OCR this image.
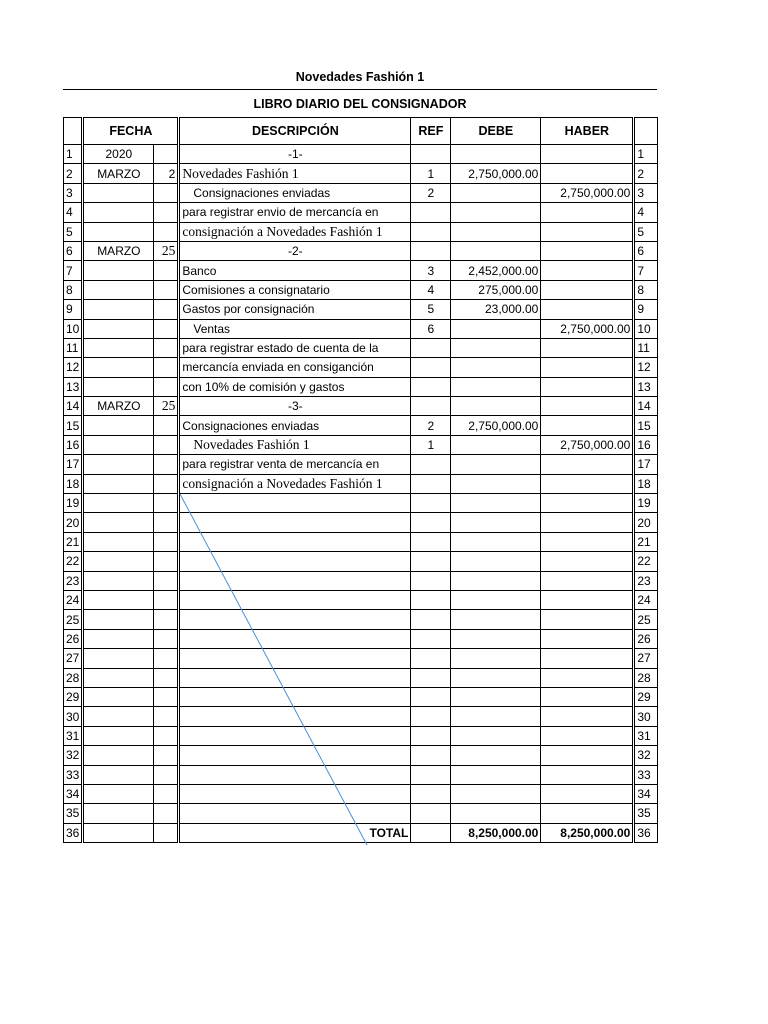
Novedades Fashión 1
LIBRO DIARIO DEL CONSIGNADOR
	FECHA		DESCRIPCIÓN	REF	DEBE	HABER	
1	2020		-1-				1
2	MARZO	2	Novedades Fashión 1	1	2,750,000.00		2
3			Consignaciones enviadas	2		2,750,000.00	3
4			para registrar envio de mercancía en				4
5			consignación a Novedades Fashión 1				5
6	MARZO	25	-2-				6
7			Banco	3	2,452,000.00		7
8			Comisiones a consignatario	4	275,000.00		8
9			Gastos por consignación	5	23,000.00		9
10			Ventas	6		2,750,000.00	10
11			para registrar estado de cuenta de la				11
12			mercancía enviada en consiganción				12
13			con 10% de comisión y gastos				13
14	MARZO	25	-3-				14
15			Consignaciones enviadas	2	2,750,000.00		15
16			Novedades Fashión 1	1		2,750,000.00	16
17			para registrar venta de mercancía en				17
18			consignación a Novedades Fashión 1				18
19							19
20							20
21							21
22							22
23							23
24							24
25							25
26							26
27							27
28							28
29							29
30							30
31							31
32							32
33							33
34							34
35							35
36			TOTAL		8,250,000.00	8,250,000.00	36
